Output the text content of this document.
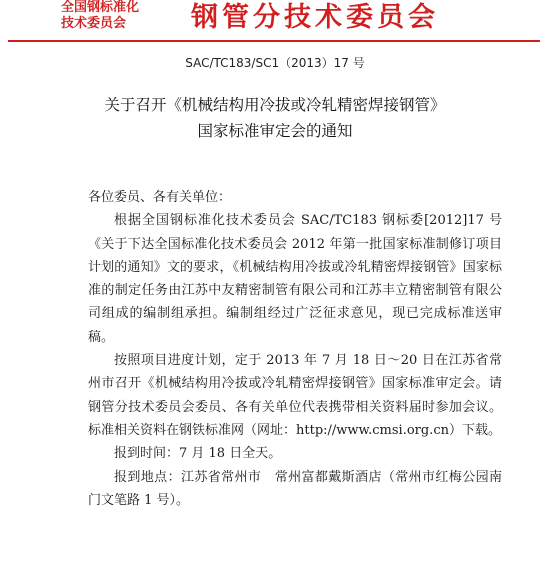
全国钢标准化
技术委员会	钢管分技术委员会
SAC/TC183/SC1（2013）17 号
关于召开《机械结构用冷拔或冷轧精密焊接钢管》
国家标准审定会的通知

各位委员、各有关单位：

根据全国钢标准化技术委员会 SAC/TC183 钢标委[2012]17 号《关于下达全国标准化技术委员会 2012 年第一批国家标准制修订项目计划的通知》文的要求，《机械结构用冷拔或冷轧精密焊接钢管》国家标准的制定任务由江苏中友精密制管有限公司和江苏丰立精密制管有限公司组成的编制组承担。编制组经过广泛征求意见，现已完成标准送审稿。

按照项目进度计划，定于 2013 年 7 月 18 日～20 日在江苏省常州市召开《机械结构用冷拔或冷轧精密焊接钢管》国家标准审定会。请钢管分技术委员会委员、各有关单位代表携带相关资料届时参加会议。标准相关资料在钢铁标准网（网址：http://www.cmsi.org.cn）下载。

报到时间：7 月 18 日全天。

报到地点：江苏省常州市　常州富都戴斯酒店（常州市红梅公园南门文笔路 1 号）。
